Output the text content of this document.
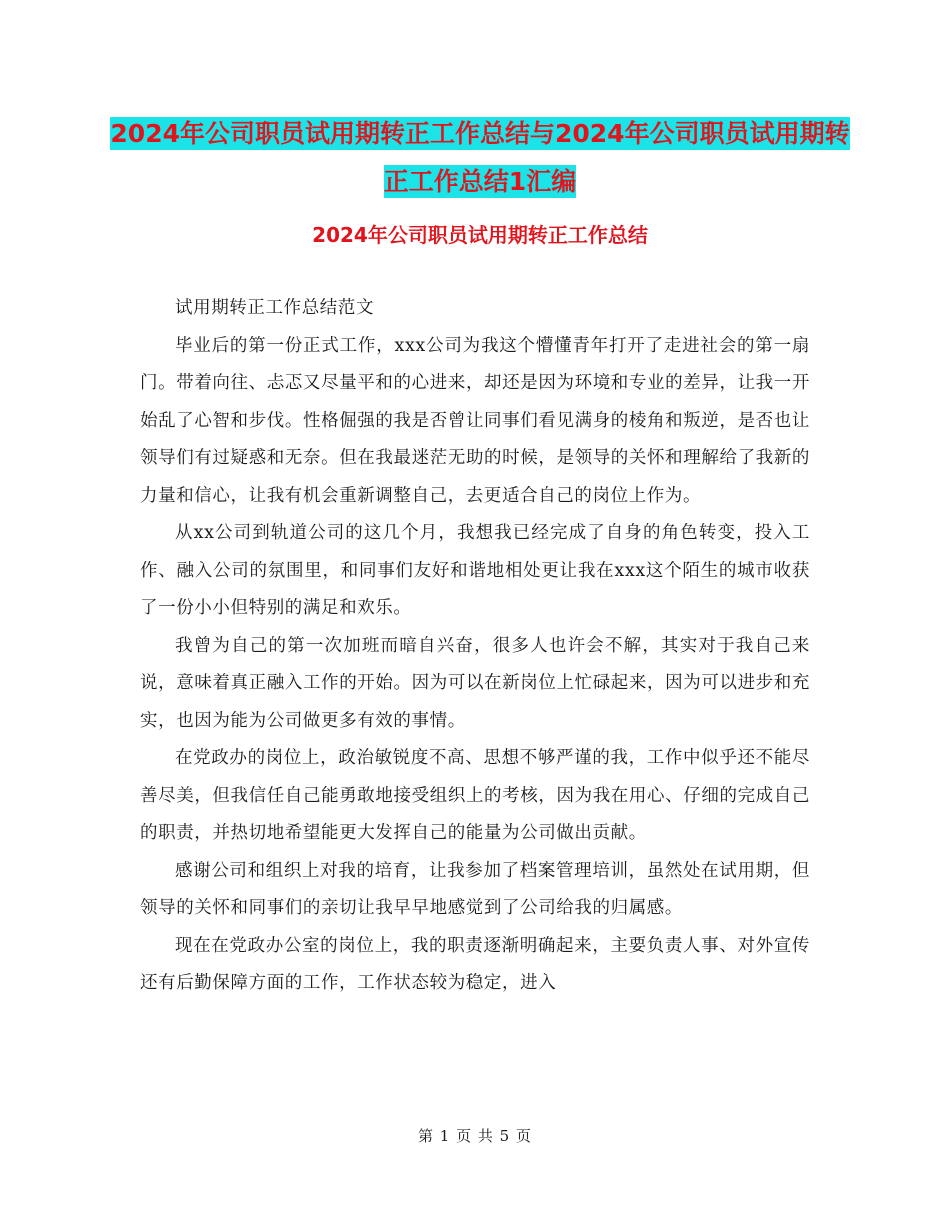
2024年公司职员试用期转正工作总结与2024年公司职员试用期转正工作总结1汇编
2024年公司职员试用期转正工作总结

试用期转正工作总结范文

毕业后的第一份正式工作，xxx公司为我这个懵懂青年打开了走进社会的第一扇门。带着向往、忐忑又尽量平和的心进来，却还是因为环境和专业的差异，让我一开始乱了心智和步伐。性格倔强的我是否曾让同事们看见满身的棱角和叛逆，是否也让领导们有过疑惑和无奈。但在我最迷茫无助的时候，是领导的关怀和理解给了我新的力量和信心，让我有机会重新调整自己，去更适合自己的岗位上作为。

从xx公司到轨道公司的这几个月，我想我已经完成了自身的角色转变，投入工作、融入公司的氛围里，和同事们友好和谐地相处更让我在xxx这个陌生的城市收获了一份小小但特别的满足和欢乐。

我曾为自己的第一次加班而暗自兴奋，很多人也许会不解，其实对于我自己来说，意味着真正融入工作的开始。因为可以在新岗位上忙碌起来，因为可以进步和充实，也因为能为公司做更多有效的事情。

在党政办的岗位上，政治敏锐度不高、思想不够严谨的我，工作中似乎还不能尽善尽美，但我信任自己能勇敢地接受组织上的考核，因为我在用心、仔细的完成自己的职责，并热切地希望能更大发挥自己的能量为公司做出贡献。

感谢公司和组织上对我的培育，让我参加了档案管理培训，虽然处在试用期，但领导的关怀和同事们的亲切让我早早地感觉到了公司给我的归属感。

现在在党政办公室的岗位上，我的职责逐渐明确起来，主要负责人事、对外宣传还有后勤保障方面的工作，工作状态较为稳定，进入

第 1 页 共 5 页
